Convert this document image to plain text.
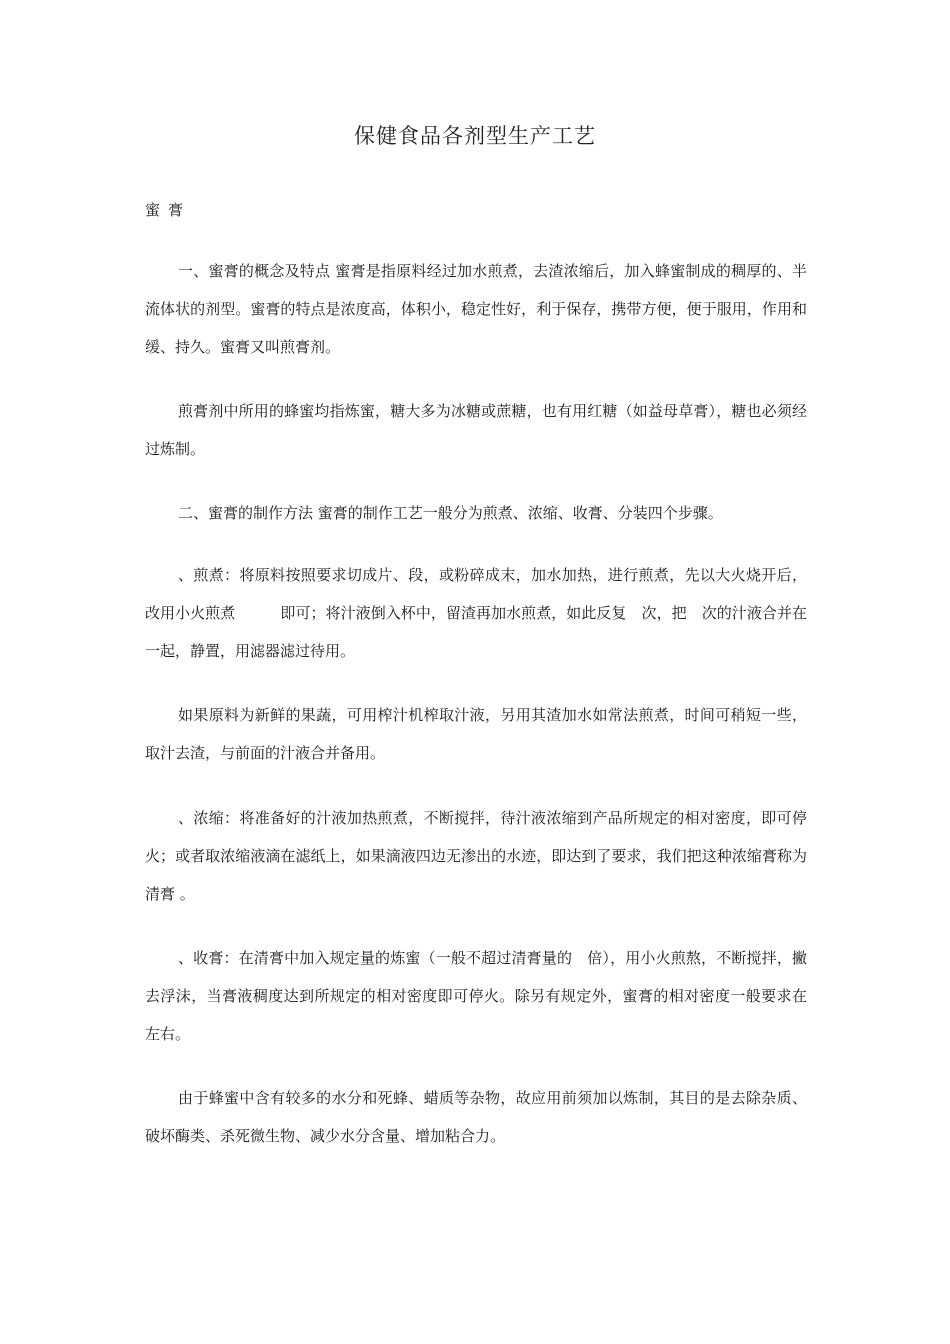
保健食品各剂型生产工艺
蜜膏

一、蜜膏的概念及特点 蜜膏是指原料经过加水煎煮，去渣浓缩后，加入蜂蜜制成的稠厚的、半流体状的剂型。蜜膏的特点是浓度高，体积小，稳定性好，利于保存，携带方便，便于服用，作用和缓、持久。蜜膏又叫煎膏剂。

煎膏剂中所用的蜂蜜均指炼蜜，糖大多为冰糖或蔗糖，也有用红糖（如益母草膏），糖也必须经过炼制。

二、蜜膏的制作方法 蜜膏的制作工艺一般分为煎煮、浓缩、收膏、分装四个步骤。

、煎煮：将原料按照要求切成片、段，或粉碎成末，加水加热，进行煎煮，先以大火烧开后，改用小火煎煮　　　即可；将汁液倒入杯中，留渣再加水煎煮，如此反复　次，把　次的汁液合并在一起，静置，用滤器滤过待用。

如果原料为新鲜的果蔬，可用榨汁机榨取汁液，另用其渣加水如常法煎煮，时间可稍短一些，取汁去渣，与前面的汁液合并备用。

、浓缩：将准备好的汁液加热煎煮，不断搅拌，待汁液浓缩到产品所规定的相对密度，即可停火；或者取浓缩液滴在滤纸上，如果滴液四边无渗出的水迹，即达到了要求，我们把这种浓缩膏称为 清膏 。

、收膏：在清膏中加入规定量的炼蜜（一般不超过清膏量的　倍），用小火煎熬，不断搅拌，撇去浮沫，当膏液稠度达到所规定的相对密度即可停火。除另有规定外，蜜膏的相对密度一般要求在　　左右。

由于蜂蜜中含有较多的水分和死蜂、蜡质等杂物，故应用前须加以炼制，其目的是去除杂质、破坏酶类、杀死微生物、减少水分含量、增加粘合力。
